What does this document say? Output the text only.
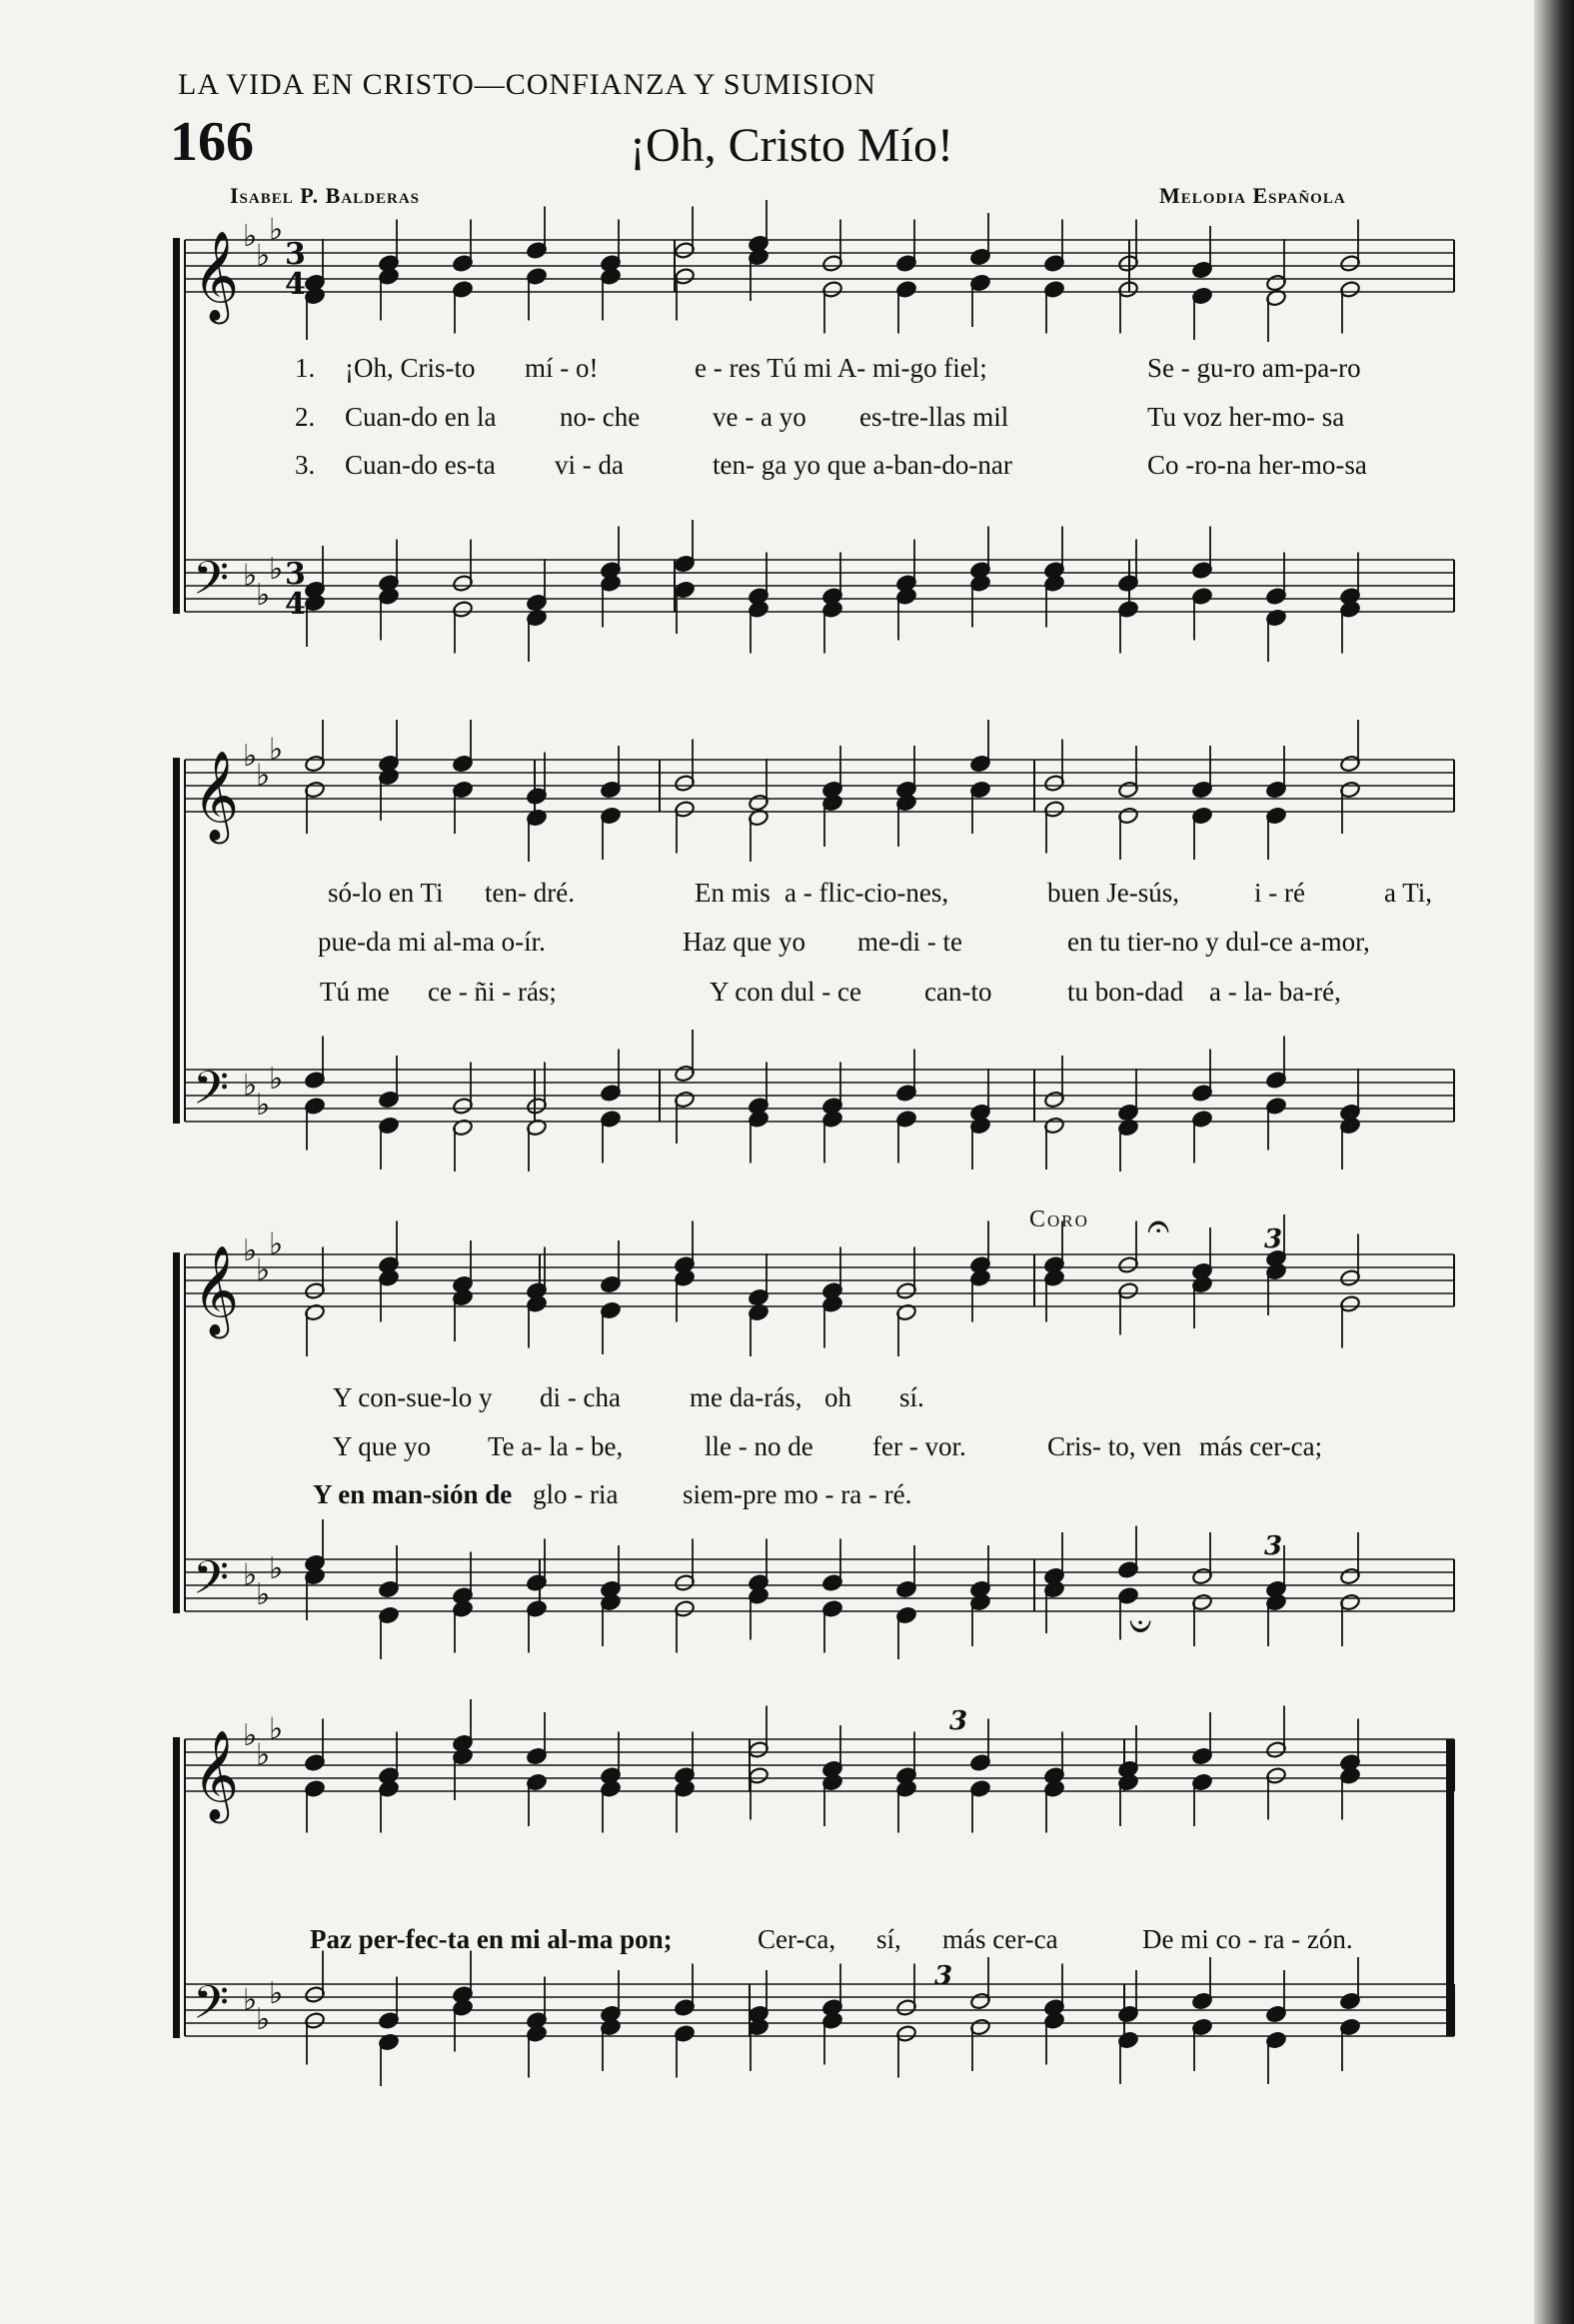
LA VIDA EN CRISTO—CONFIANZA Y SUMISION
166	¡Oh, Cristo Mío!
Isabel P. Balderas	Melodia Española
Coro
𝄞 ♭
♭
♭
3
4
𝄢 ♭
♭
♭ 3
4
𝄞 ♭
♭
♭
𝄢 ♭
♭
♭
𝄞 ♭
♭
♭
𝄢 ♭
♭
♭
𝄞 ♭
♭
♭
𝄢 ♭
♭
♭
𝄐
𝄑
3
3
3
3
1. ¡Oh, Cris-to mí - o!	e - res Tú mi A- mi-go fiel;	Se - gu-ro am-pa-ro
2. Cuan-do en la no- che	ve - a yo es-tre-llas mil	Tu voz her-mo- sa
3. Cuan-do es-ta vi - da	ten- ga yo que a-ban-do-nar	Co -ro-na her-mo-sa
só-lo en Ti ten- dré.	En mis a - flic-cio-nes,	buen Je-sús,	i - ré	a Ti,
pue-da mi al-ma o-ír.	Haz que yo me-di - te	en tu tier-no y dul-ce a-mor,
Tú me ce - ñi - rás;	Y con dul - ce can-to	tu bon-dad a - la- ba-ré,
Y con-sue-lo y di - cha	me da-rás, oh sí.
Y que yo Te a- la - be,	lle - no de fer - vor.	Cris- to, ven más cer-ca;
Y en man-sión de glo - ria siem-pre mo - ra - ré.
Paz per-fec-ta en mi al-ma pon;	Cer-ca, sí, más cer-ca	De mi co - ra - zón.
